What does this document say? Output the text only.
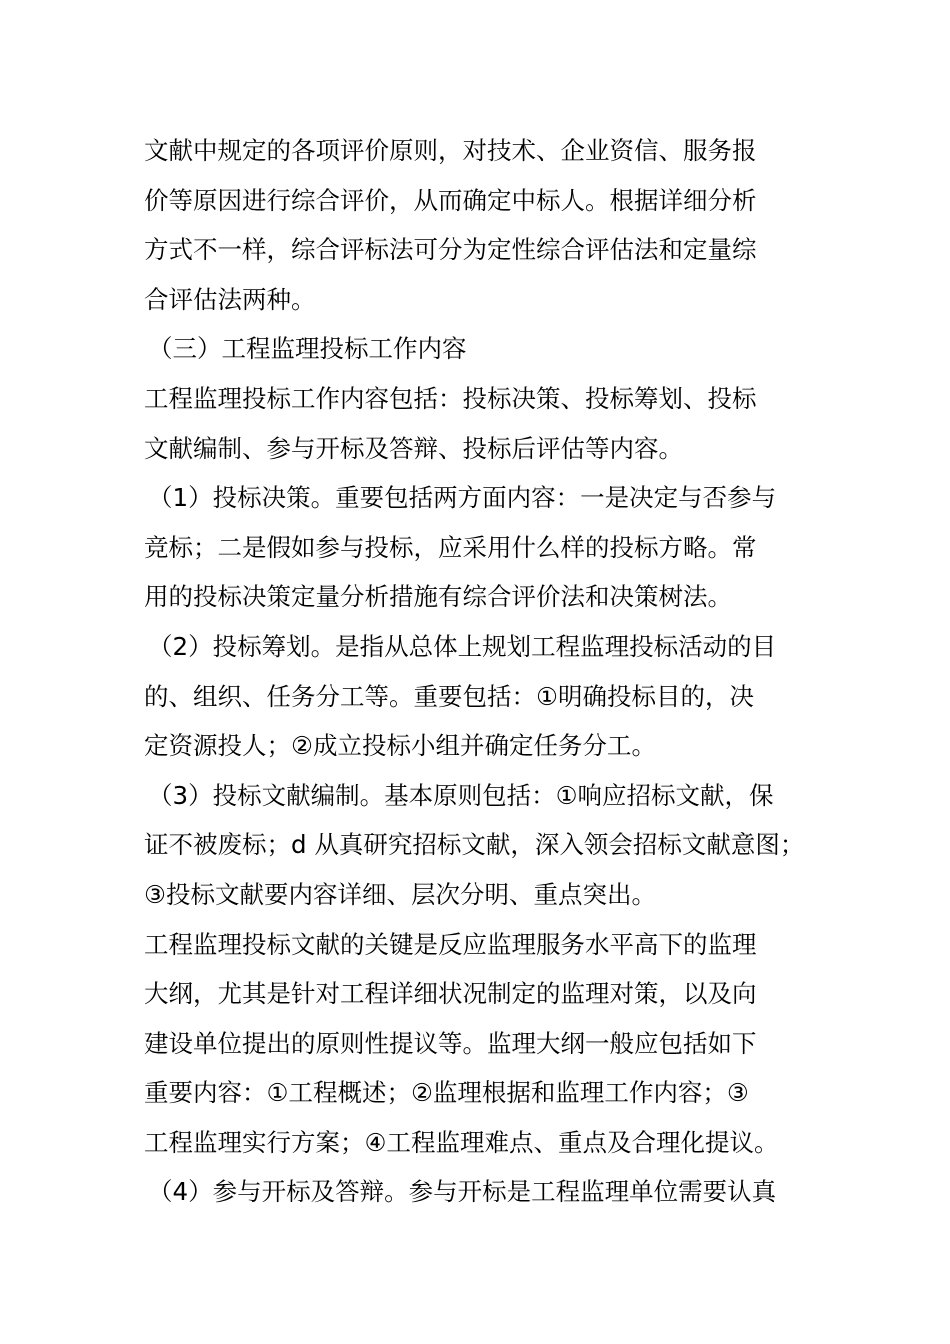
文献中规定的各项评价原则，对技术、企业资信、服务报
价等原因进行综合评价，从而确定中标人。根据详细分析
方式不一样，综合评标法可分为定性综合评估法和定量综
合评估法两种。
（三）工程监理投标工作内容
工程监理投标工作内容包括：投标决策、投标筹划、投标
文献编制、参与开标及答辩、投标后评估等内容。
（1）投标决策。重要包括两方面内容：一是决定与否参与
竞标；二是假如参与投标，应采用什么样的投标方略。常
用的投标决策定量分析措施有综合评价法和决策树法。
（2）投标筹划。是指从总体上规划工程监理投标活动的目
的、组织、任务分工等。重要包括：①明确投标目的，决
定资源投人；②成立投标小组并确定任务分工。
（3）投标文献编制。基本原则包括：①响应招标文献，保
证不被废标；d 从真研究招标文献，深入领会招标文献意图；
③投标文献要内容详细、层次分明、重点突出。
工程监理投标文献的关键是反应监理服务水平高下的监理
大纲，尤其是针对工程详细状况制定的监理对策，以及向
建设单位提出的原则性提议等。监理大纲一般应包括如下
重要内容：①工程概述；②监理根据和监理工作内容；③
工程监理实行方案；④工程监理难点、重点及合理化提议。
（4）参与开标及答辩。参与开标是工程监理单位需要认真
